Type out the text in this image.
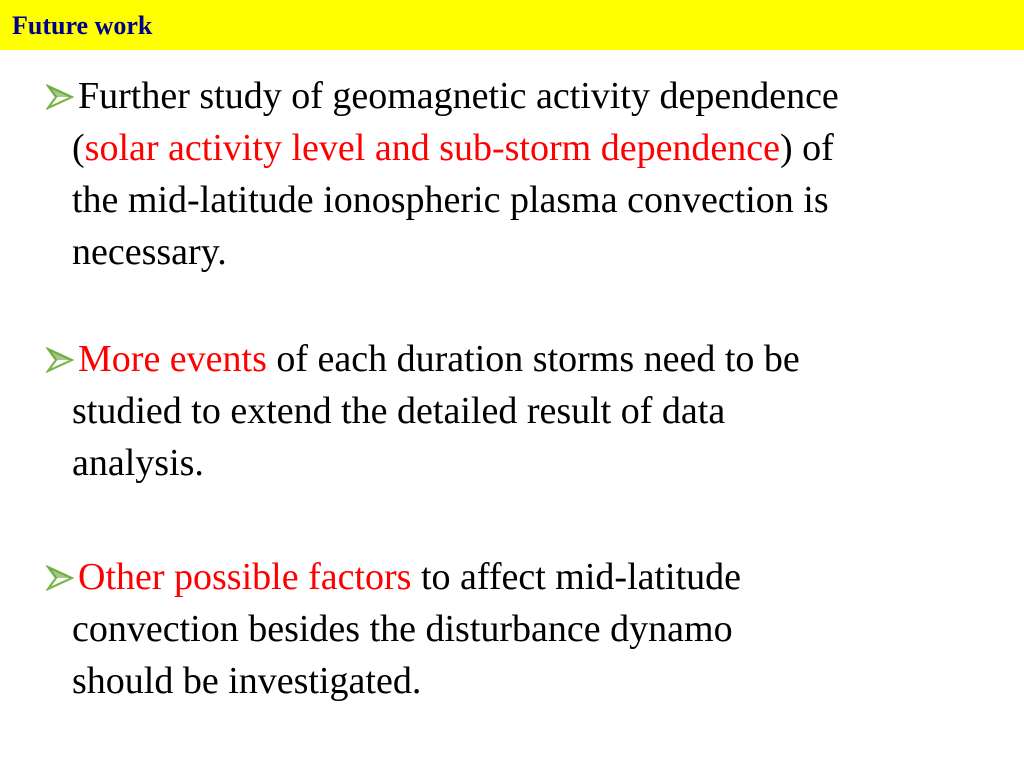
Future work
Further study of geomagnetic activity dependence
(solar activity level and sub-storm dependence) of
the mid-latitude ionospheric plasma convection is
necessary.
More events of each duration storms need to be
studied to extend the detailed result of data
analysis.
Other possible factors to affect mid-latitude
convection besides the disturbance dynamo
should be investigated.
